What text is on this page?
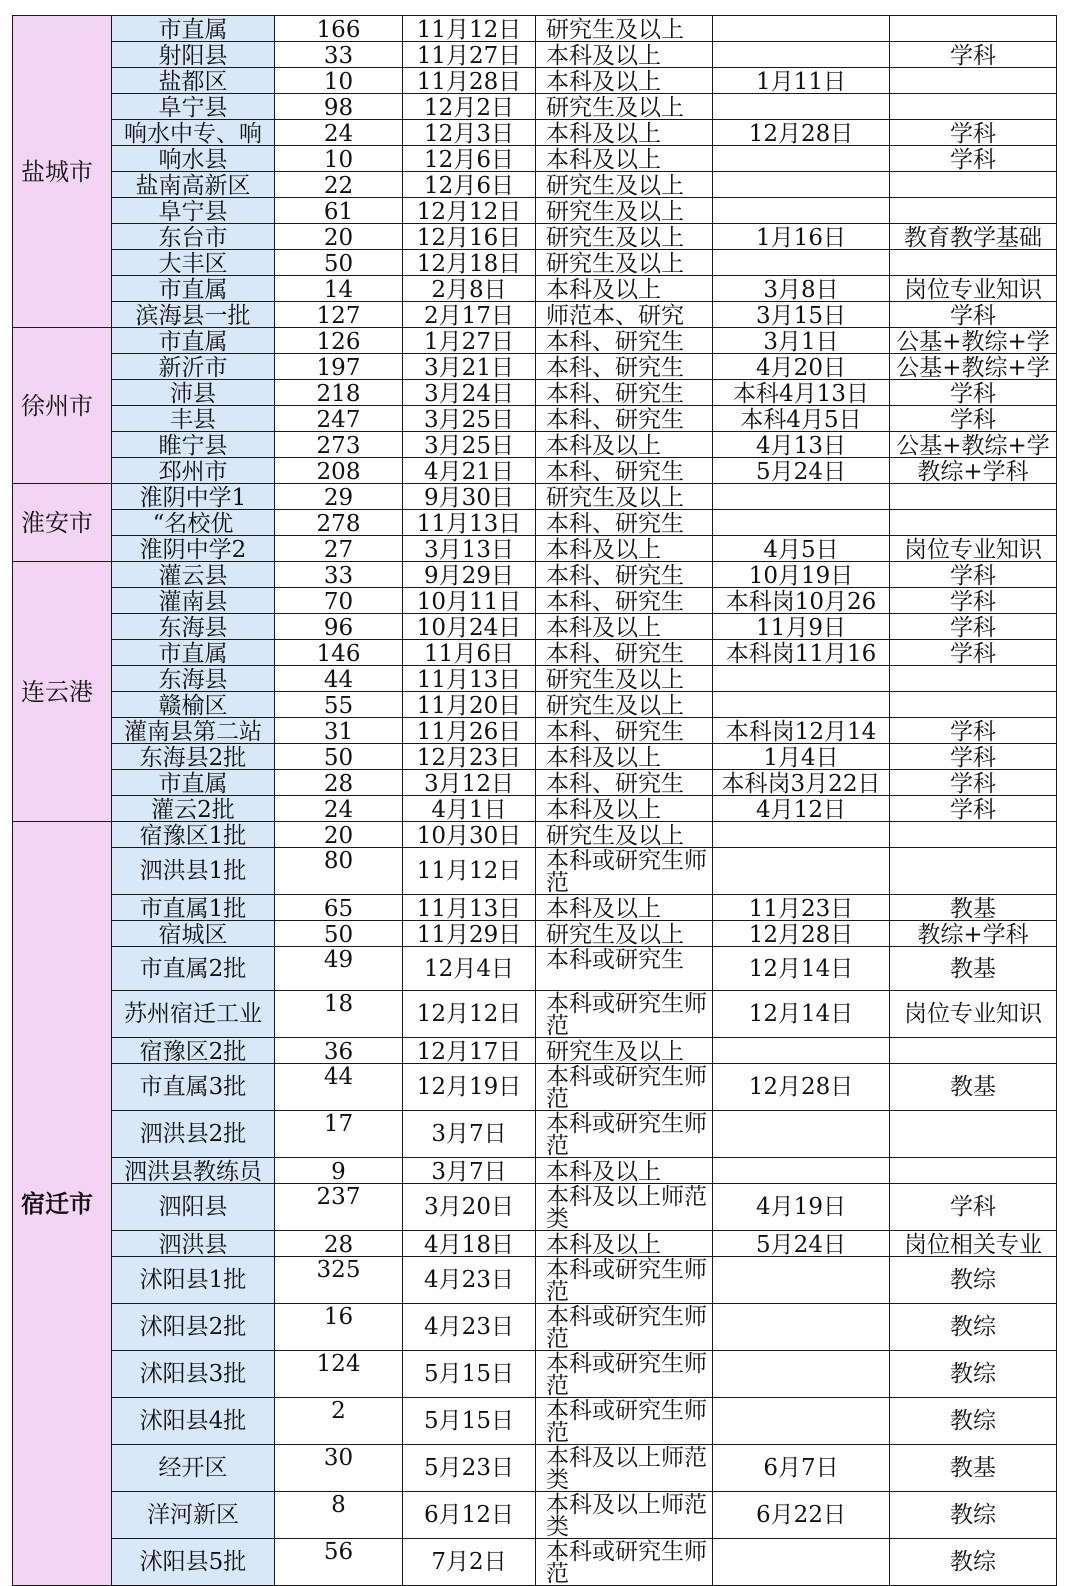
盐城市	市直属	166	11月12日	研究生及以上		
	射阳县	33	11月27日	本科及以上		学科
	盐都区	10	11月28日	本科及以上	1月11日	
	阜宁县	98	12月2日	研究生及以上		
	响水中专、响	24	12月3日	本科及以上	12月28日	学科
	响水县	10	12月6日	本科及以上		学科
	盐南高新区	22	12月6日	研究生及以上		
	阜宁县	61	12月12日	研究生及以上		
	东台市	20	12月16日	研究生及以上	1月16日	教育教学基础
	大丰区	50	12月18日	研究生及以上		
	市直属	14	2月8日	本科及以上	3月8日	岗位专业知识
	滨海县一批	127	2月17日	师范本、研究	3月15日	学科
徐州市	市直属	126	1月27日	本科、研究生	3月1日	公基+教综+学
	新沂市	197	3月21日	本科、研究生	4月20日	公基+教综+学
	沛县	218	3月24日	本科、研究生	本科4月13日	学科
	丰县	247	3月25日	本科、研究生	本科4月5日	学科
	睢宁县	273	3月25日	本科及以上	4月13日	公基+教综+学
	邳州市	208	4月21日	本科、研究生	5月24日	教综+学科
淮安市	淮阴中学1	29	9月30日	研究生及以上		
	“名校优	278	11月13日	本科、研究生		
	淮阴中学2	27	3月13日	本科及以上	4月5日	岗位专业知识
连云港	灌云县	33	9月29日	本科、研究生	10月19日	学科
	灌南县	70	10月11日	本科、研究生	本科岗10月26	学科
	东海县	96	10月24日	本科及以上	11月9日	学科
	市直属	146	11月6日	本科、研究生	本科岗11月16	学科
	东海县	44	11月13日	研究生及以上		
	赣榆区	55	11月20日	研究生及以上		
	灌南县第二站	31	11月26日	本科、研究生	本科岗12月14	学科
	东海县2批	50	12月23日	本科及以上	1月4日	学科
	市直属	28	3月12日	本科、研究生	本科岗3月22日	学科
	灌云2批	24	4月1日	本科及以上	4月12日	学科
宿迁市	宿豫区1批	20	10月30日	研究生及以上		
	泗洪县1批	80	11月12日	本科或研究生师范		
	市直属1批	65	11月13日	本科及以上	11月23日	教基
	宿城区	50	11月29日	研究生及以上	12月28日	教综+学科
	市直属2批	49	12月4日	本科或研究生	12月14日	教基
	苏州宿迁工业	18	12月12日	本科或研究生师范	12月14日	岗位专业知识
	宿豫区2批	36	12月17日	研究生及以上		
	市直属3批	44	12月19日	本科或研究生师范	12月28日	教基
	泗洪县2批	17	3月7日	本科或研究生师范		
	泗洪县教练员	9	3月7日	本科及以上		
	泗阳县	237	3月20日	本科及以上师范类	4月19日	学科
	泗洪县	28	4月18日	本科及以上	5月24日	岗位相关专业
	沭阳县1批	325	4月23日	本科或研究生师范		教综
	沭阳县2批	16	4月23日	本科或研究生师范		教综
	沭阳县3批	124	5月15日	本科或研究生师范		教综
	沭阳县4批	2	5月15日	本科或研究生师范		教综
	经开区	30	5月23日	本科及以上师范类	6月7日	教基
	洋河新区	8	6月12日	本科及以上师范类	6月22日	教综
	沭阳县5批	56	7月2日	本科或研究生师范		教综
